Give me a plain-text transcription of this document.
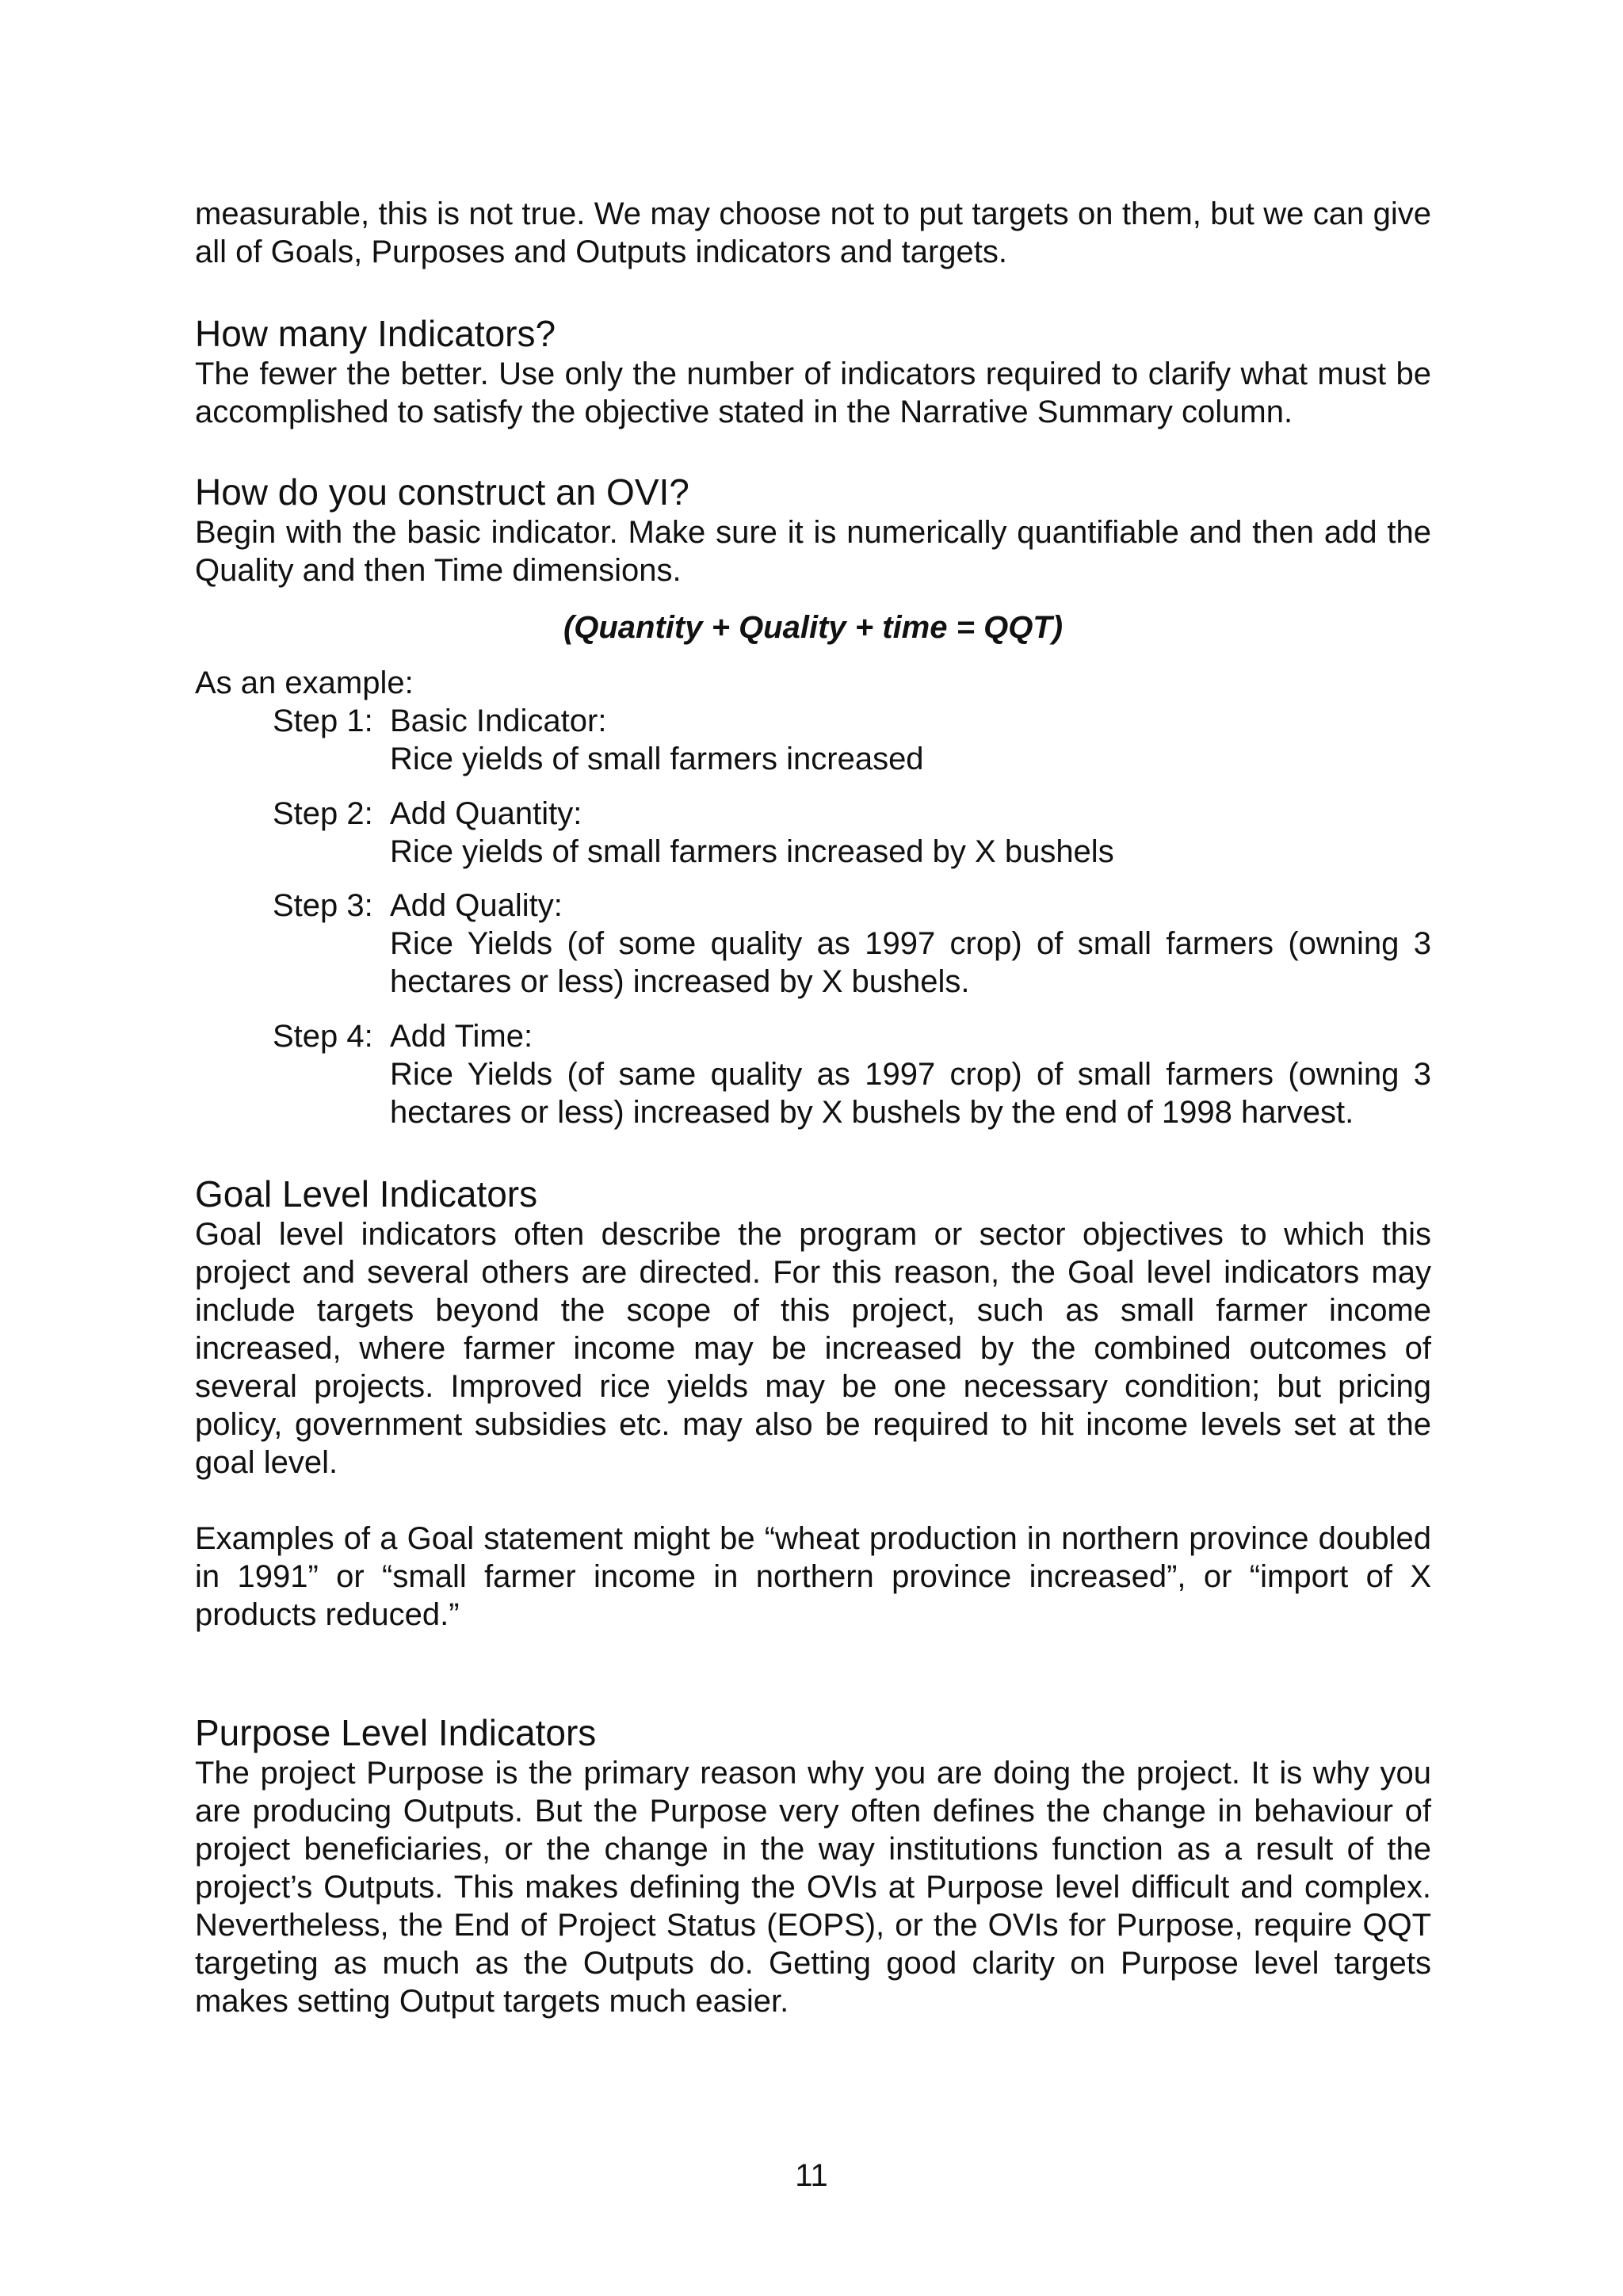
measurable, this is not true. We may choose not to put targets on them, but we can give all of Goals, Purposes and Outputs indicators and targets.

How many Indicators?

The fewer the better. Use only the number of indicators required to clarify what must be accomplished to satisfy the objective stated in the Narrative Summary column.

How do you construct an OVI?

Begin with the basic indicator. Make sure it is numerically quantifiable and then add the Quality and then Time dimensions.

(Quantity + Quality + time = QQT)
As an example:
Step 1: Basic Indicator:
Rice yields of small farmers increased
Step 2: Add Quantity:
Rice yields of small farmers increased by X bushels
Step 3: Add Quality:
Rice Yields (of some quality as 1997 crop) of small farmers (owning 3 hectares or less) increased by X bushels.
Step 4: Add Time:
Rice Yields (of same quality as 1997 crop) of small farmers (owning 3 hectares or less) increased by X bushels by the end of 1998 harvest.
Goal Level Indicators

Goal level indicators often describe the program or sector objectives to which this project and several others are directed. For this reason, the Goal level indicators may include targets beyond the scope of this project, such as small farmer income increased, where farmer income may be increased by the combined outcomes of several projects. Improved rice yields may be one necessary condition; but pricing policy, government subsidies etc. may also be required to hit income levels set at the goal level.

Examples of a Goal statement might be “wheat production in northern province doubled in 1991” or “small farmer income in northern province increased”, or “import of X products reduced.”

Purpose Level Indicators

The project Purpose is the primary reason why you are doing the project. It is why you are producing Outputs. But the Purpose very often defines the change in behaviour of project beneficiaries, or the change in the way institutions function as a result of the project’s Outputs. This makes defining the OVIs at Purpose level difficult and complex. Nevertheless, the End of Project Status (EOPS), or the OVIs for Purpose, require QQT targeting as much as the Outputs do. Getting good clarity on Purpose level targets makes setting Output targets much easier.

11
